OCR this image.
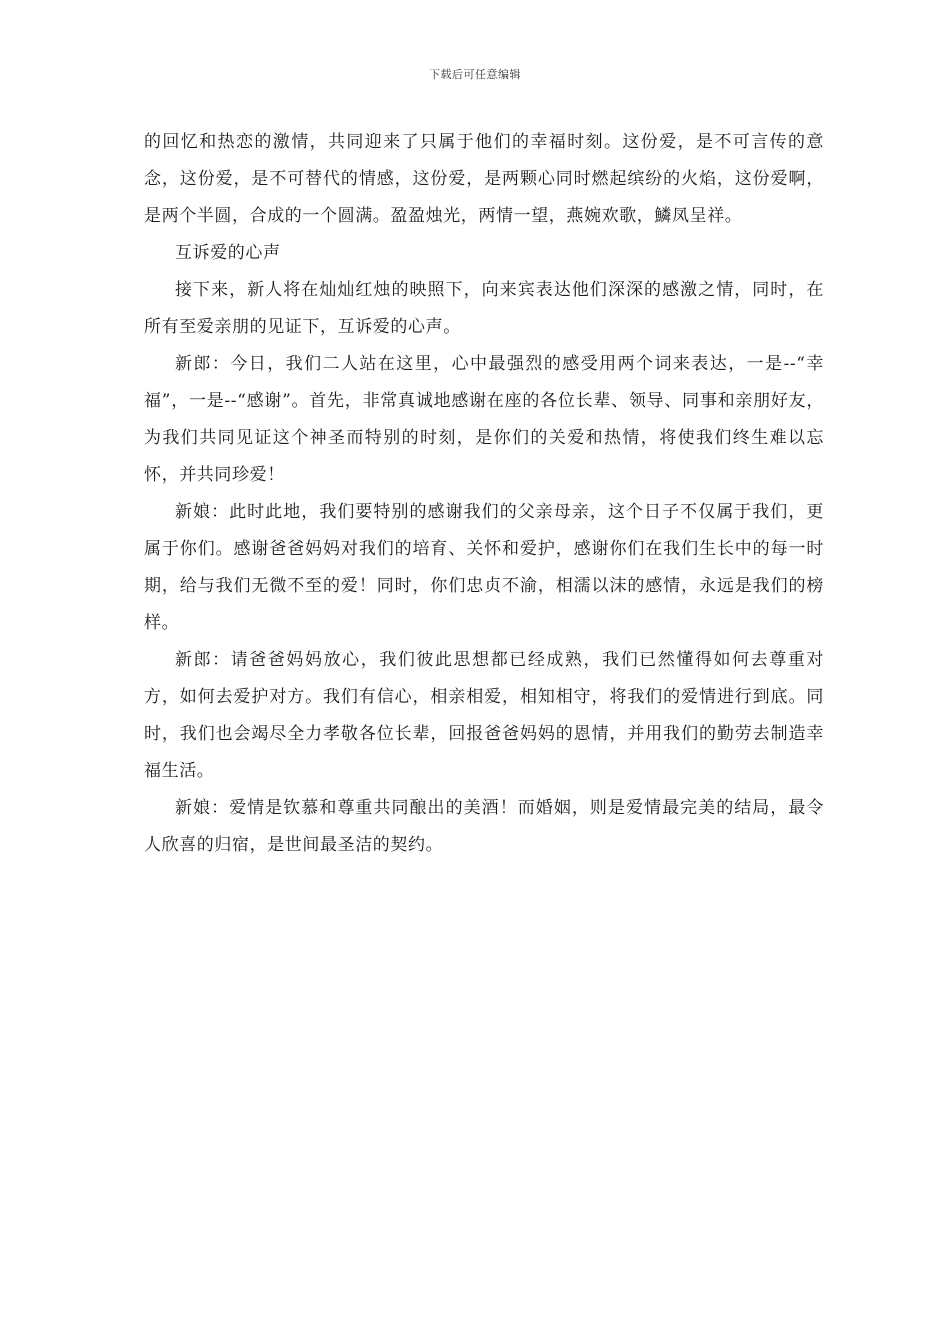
下载后可任意编辑

的回忆和热恋的激情，共同迎来了只属于他们的幸福时刻。这份爱，是不可言传的意念，这份爱，是不可替代的情感，这份爱，是两颗心同时燃起缤纷的火焰，这份爱啊，是两个半圆，合成的一个圆满。盈盈烛光，两情一望，燕婉欢歌，鱗凤呈祥。

互诉爱的心声

接下来，新人将在灿灿红烛的映照下，向来宾表达他们深深的感激之情，同时，在所有至爱亲朋的见证下，互诉爱的心声。

新郎：今日，我们二人站在这里，心中最强烈的感受用两个词来表达，一是--“幸福”，一是--“感谢”。首先，非常真诚地感谢在座的各位长辈、领导、同事和亲朋好友，为我们共同见证这个神圣而特别的时刻，是你们的关爱和热情，将使我们终生难以忘怀，并共同珍爱！

新娘：此时此地，我们要特别的感谢我们的父亲母亲，这个日子不仅属于我们，更属于你们。感谢爸爸妈妈对我们的培育、关怀和爱护，感谢你们在我们生长中的每一时期，给与我们无微不至的爱！同时，你们忠贞不渝，相濡以沫的感情，永远是我们的榜样。

新郎：请爸爸妈妈放心，我们彼此思想都已经成熟，我们已然懂得如何去尊重对方，如何去爱护对方。我们有信心，相亲相爱，相知相守，将我们的爱情进行到底。同时，我们也会竭尽全力孝敬各位长辈，回报爸爸妈妈的恩情，并用我们的勤劳去制造幸福生活。

新娘：爱情是钦慕和尊重共同酿出的美酒！而婚姻，则是爱情最完美的结局，最令人欣喜的归宿，是世间最圣洁的契约。
